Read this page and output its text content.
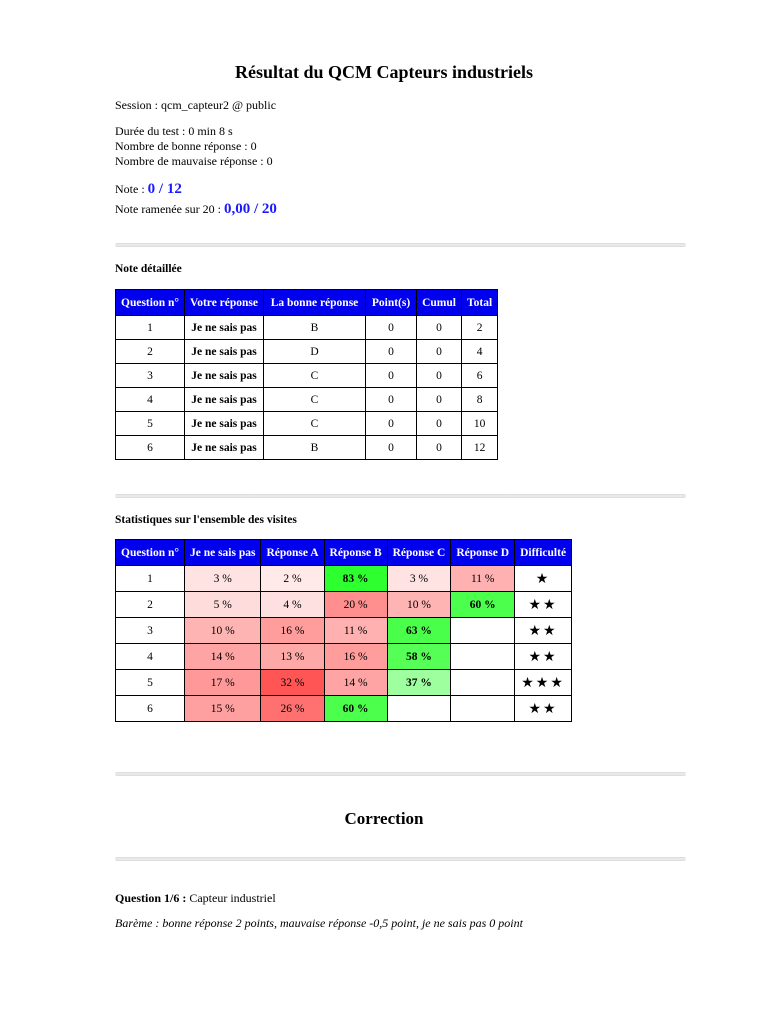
Résultat du QCM Capteurs industriels
Session : qcm_capteur2 @ public
Durée du test : 0 min 8 s
Nombre de bonne réponse : 0
Nombre de mauvaise réponse : 0
Note : 0 / 12
Note ramenée sur 20 : 0,00 / 20
Note détaillée
Question n°	Votre réponse	La bonne réponse	Point(s)	Cumul	Total
1	Je ne sais pas	B	0	0	2
2	Je ne sais pas	D	0	0	4
3	Je ne sais pas	C	0	0	6
4	Je ne sais pas	C	0	0	8
5	Je ne sais pas	C	0	0	10
6	Je ne sais pas	B	0	0	12
Statistiques sur l'ensemble des visites
Question n°	Je ne sais pas	Réponse A	Réponse B	Réponse C	Réponse D	Difficulté
1	3 %	2 %	83 %	3 %	11 %	★
2	5 %	4 %	20 %	10 %	60 %	★★
3	10 %	16 %	11 %	63 %		★★
4	14 %	13 %	16 %	58 %		★★
5	17 %	32 %	14 %	37 %		★★★
6	15 %	26 %	60 %			★★
Correction
Question 1/6 : Capteur industriel
Barème : bonne réponse 2 points, mauvaise réponse -0,5 point, je ne sais pas 0 point
